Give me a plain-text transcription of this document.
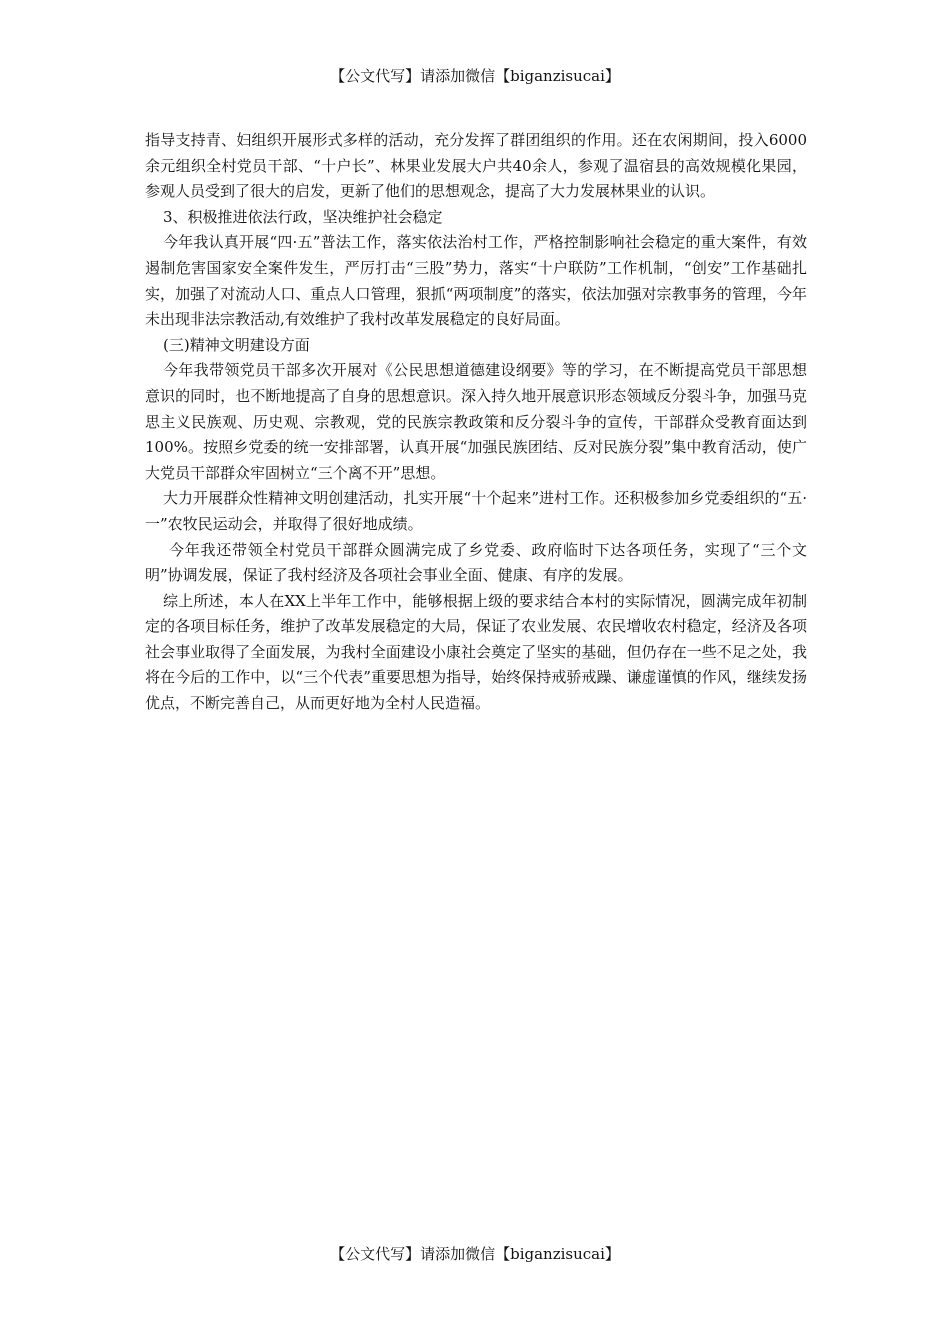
【公文代写】请添加微信【biganzisucai】

指导支持青、妇组织开展形式多样的活动，充分发挥了群团组织的作用。还在农闲期间，投入6000余元组织全村党员干部、“十户长”、林果业发展大户共40余人，参观了温宿县的高效规模化果园，参观人员受到了很大的启发，更新了他们的思想观念，提高了大力发展林果业的认识。

3、积极推进依法行政，坚决维护社会稳定

今年我认真开展“四·五”普法工作，落实依法治村工作，严格控制影响社会稳定的重大案件，有效遏制危害国家安全案件发生，严厉打击“三股”势力，落实“十户联防”工作机制，“创安”工作基础扎实，加强了对流动人口、重点人口管理，狠抓“两项制度”的落实，依法加强对宗教事务的管理，今年未出现非法宗教活动,有效维护了我村改革发展稳定的良好局面。

(三)精神文明建设方面

今年我带领党员干部多次开展对《公民思想道德建设纲要》等的学习，在不断提高党员干部思想意识的同时，也不断地提高了自身的思想意识。深入持久地开展意识形态领域反分裂斗争，加强马克思主义民族观、历史观、宗教观，党的民族宗教政策和反分裂斗争的宣传，干部群众受教育面达到100%。按照乡党委的统一安排部署，认真开展“加强民族团结、反对民族分裂”集中教育活动，使广大党员干部群众牢固树立“三个离不开”思想。

大力开展群众性精神文明创建活动，扎实开展“十个起来”进村工作。还积极参加乡党委组织的“五·一”农牧民运动会，并取得了很好地成绩。

今年我还带领全村党员干部群众圆满完成了乡党委、政府临时下达各项任务，实现了“三个文明”协调发展，保证了我村经济及各项社会事业全面、健康、有序的发展。

综上所述，本人在XX上半年工作中，能够根据上级的要求结合本村的实际情况，圆满完成年初制定的各项目标任务，维护了改革发展稳定的大局，保证了农业发展、农民增收农村稳定，经济及各项社会事业取得了全面发展，为我村全面建设小康社会奠定了坚实的基础，但仍存在一些不足之处，我将在今后的工作中，以“三个代表”重要思想为指导，始终保持戒骄戒躁、谦虚谨慎的作风，继续发扬优点，不断完善自己，从而更好地为全村人民造福。

【公文代写】请添加微信【biganzisucai】
